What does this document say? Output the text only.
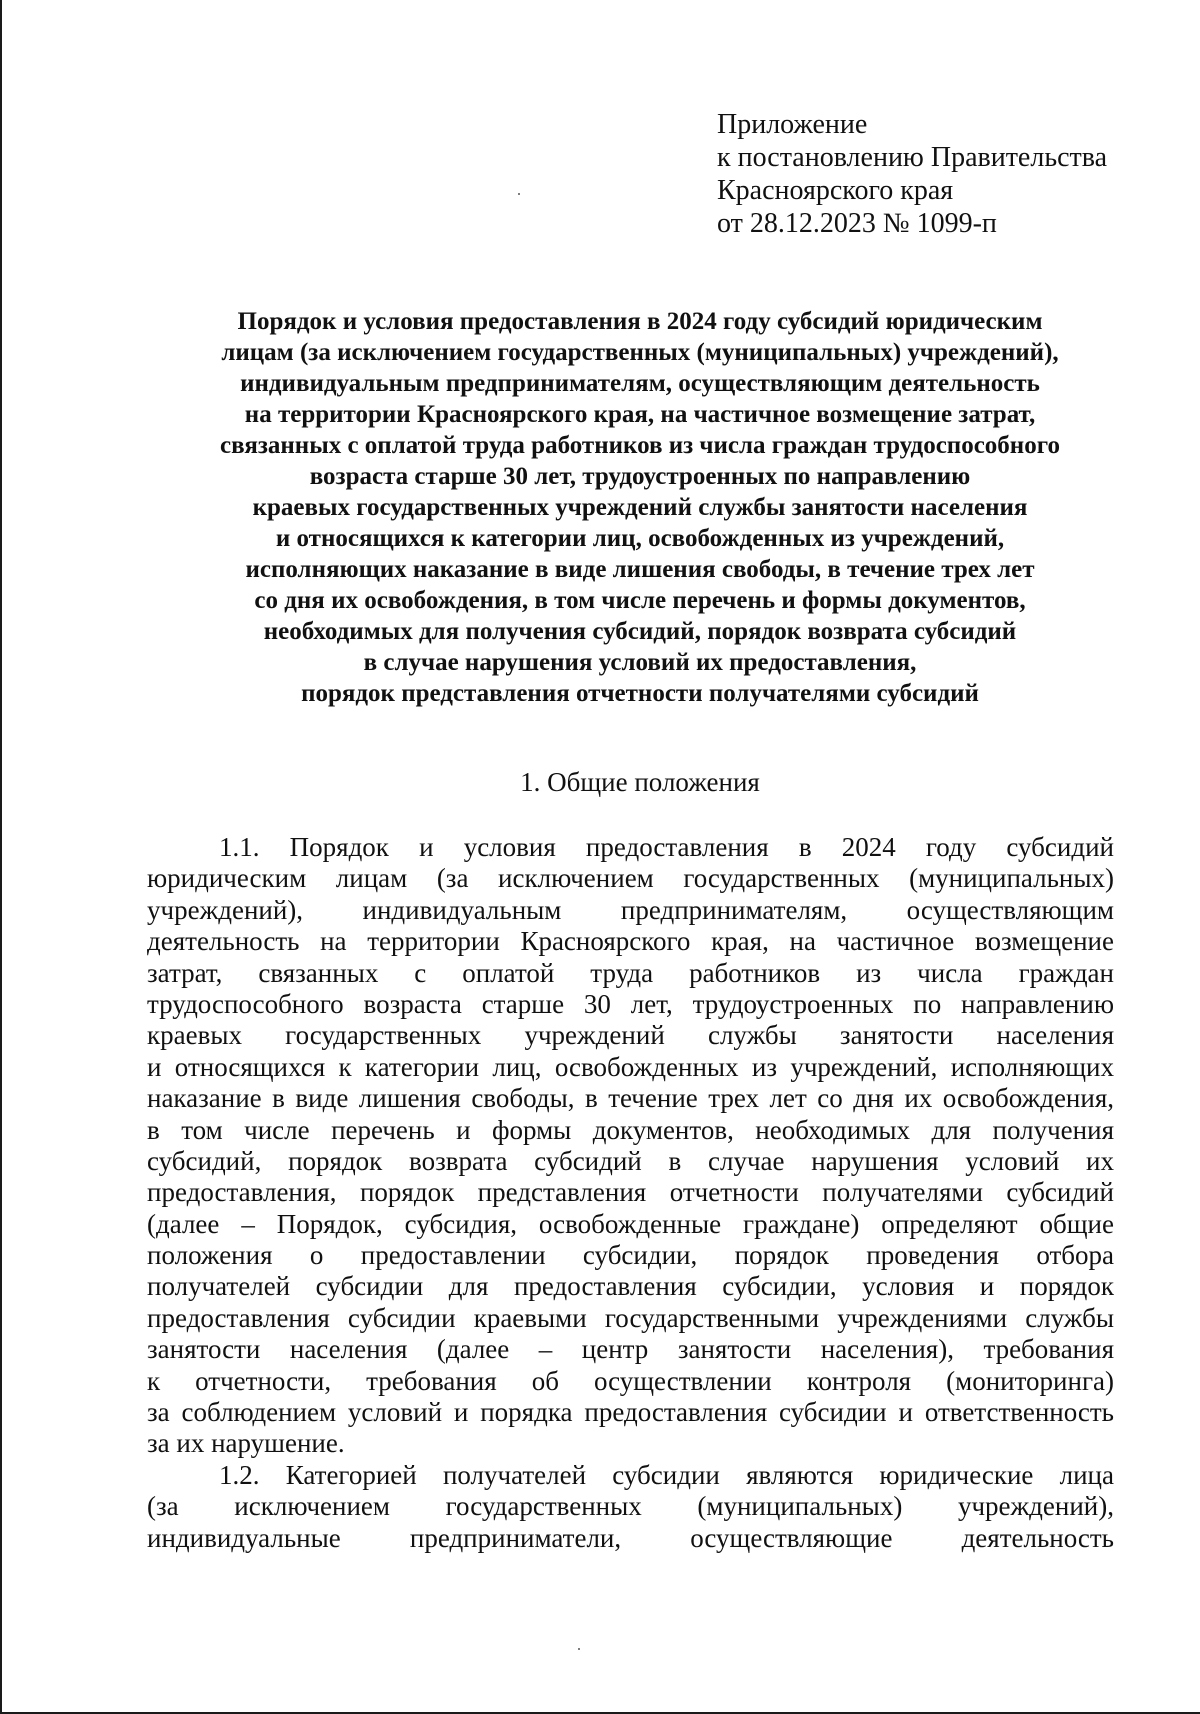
Приложение
к постановлению Правительства
Красноярского края
от 28.12.2023 № 1099-п
Порядок и условия предоставления в 2024 году субсидий юридическим
лицам (за исключением государственных (муниципальных) учреждений),
индивидуальным предпринимателям, осуществляющим деятельность
на территории Красноярского края, на частичное возмещение затрат,
связанных с оплатой труда работников из числа граждан трудоспособного
возраста старше 30 лет, трудоустроенных по направлению
краевых государственных учреждений службы занятости населения
и относящихся к категории лиц, освобожденных из учреждений,
исполняющих наказание в виде лишения свободы, в течение трех лет
со дня их освобождения, в том числе перечень и формы документов,
необходимых для получения субсидий, порядок возврата субсидий
в случае нарушения условий их предоставления,
порядок представления отчетности получателями субсидий
1. Общие положения
1.1. Порядок и условия предоставления в 2024 году субсидий
юридическим лицам (за исключением государственных (муниципальных)
учреждений), индивидуальным предпринимателям, осуществляющим
деятельность на территории Красноярского края, на частичное возмещение
затрат, связанных с оплатой труда работников из числа граждан
трудоспособного возраста старше 30 лет, трудоустроенных по направлению
краевых государственных учреждений службы занятости населения
и относящихся к категории лиц, освобожденных из учреждений, исполняющих
наказание в виде лишения свободы, в течение трех лет со дня их освобождения,
в том числе перечень и формы документов, необходимых для получения
субсидий, порядок возврата субсидий в случае нарушения условий их
предоставления, порядок представления отчетности получателями субсидий
(далее – Порядок, субсидия, освобожденные граждане) определяют общие
положения о предоставлении субсидии, порядок проведения отбора
получателей субсидии для предоставления субсидии, условия и порядок
предоставления субсидии краевыми государственными учреждениями службы
занятости населения (далее – центр занятости населения), требования
к отчетности, требования об осуществлении контроля (мониторинга)
за соблюдением условий и порядка предоставления субсидии и ответственность
за их нарушение.
1.2. Категорией получателей субсидии являются юридические лица
(за исключением государственных (муниципальных) учреждений),
индивидуальные предприниматели, осуществляющие деятельность
